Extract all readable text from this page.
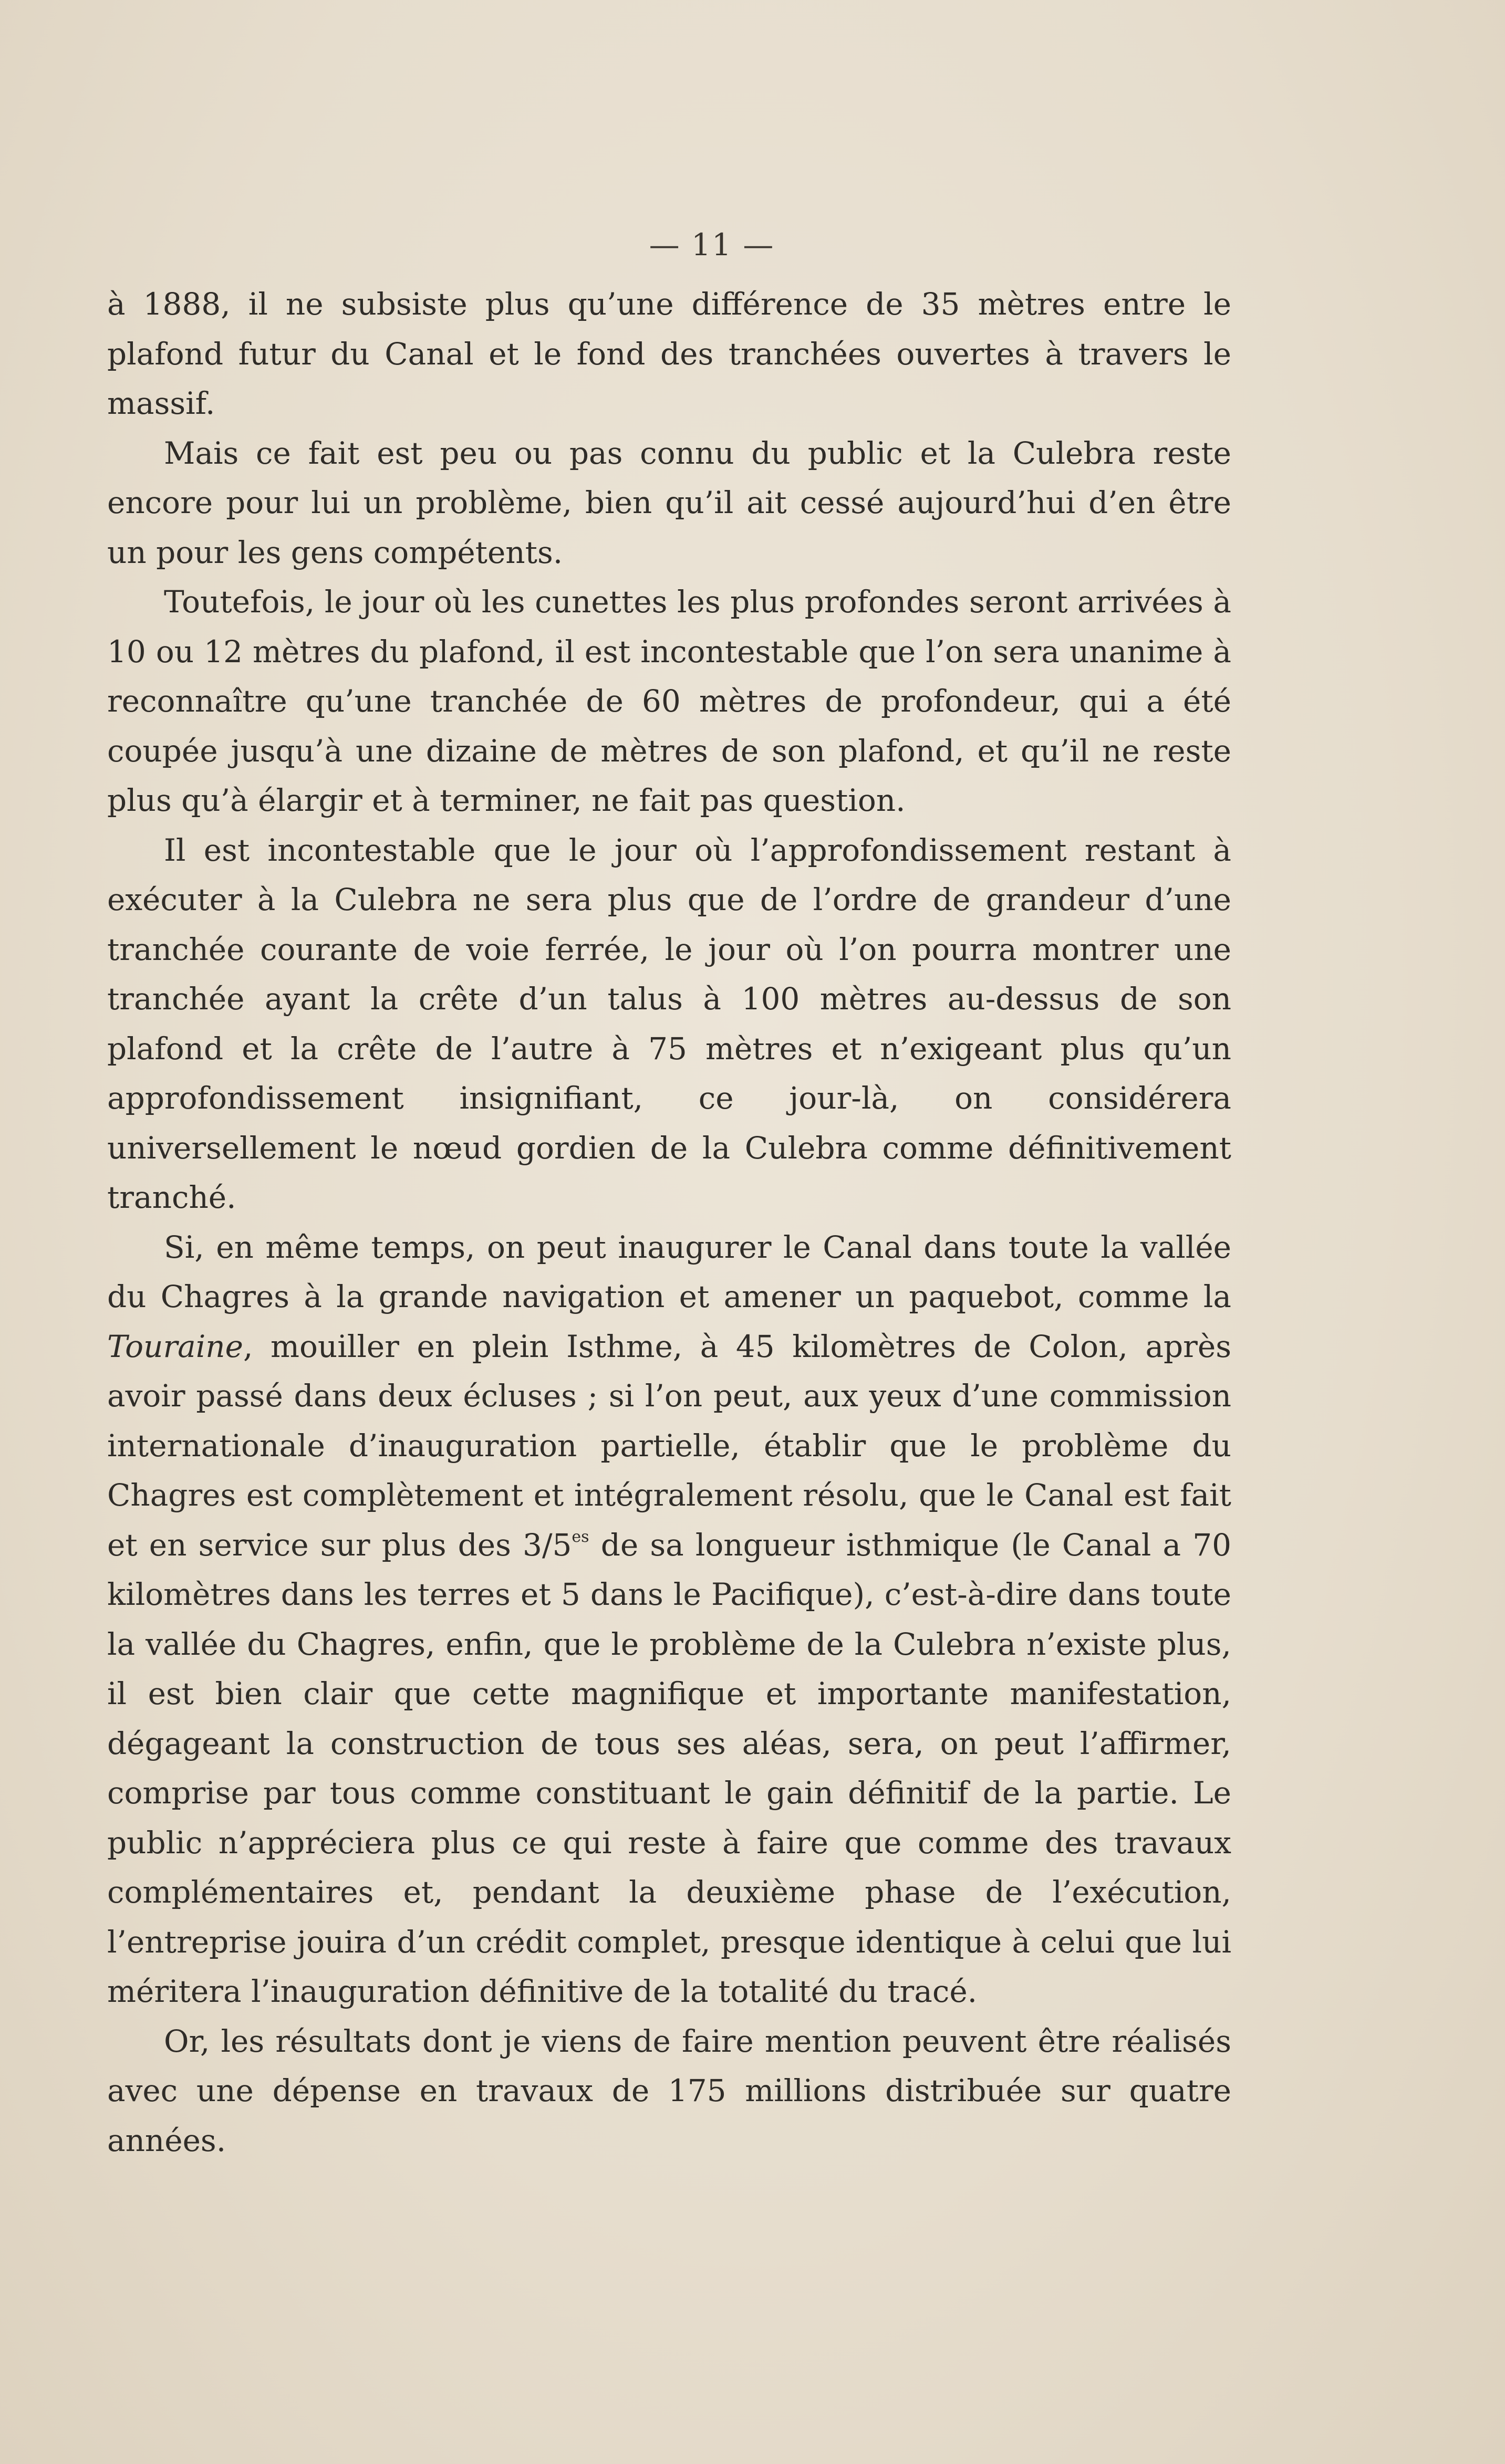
— 11 —

à 1888, il ne subsiste plus qu’une différence de 35 mètres entre le plafond futur du Canal et le fond des tranchées ouvertes à travers le massif.

Mais ce fait est peu ou pas connu du public et la Culebra reste encore pour lui un problème, bien qu’il ait cessé aujourd’hui d’en être un pour les gens compétents.

Toutefois, le jour où les cunettes les plus profondes seront arrivées à 10 ou 12 mètres du plafond, il est incontestable que l’on sera unanime à reconnaître qu’une tranchée de 60 mètres de profondeur, qui a été coupée jusqu’à une dizaine de mètres de son plafond, et qu’il ne reste plus qu’à élargir et à terminer, ne fait pas question.

Il est incontestable que le jour où l’approfondissement restant à exécuter à la Culebra ne sera plus que de l’ordre de grandeur d’une tranchée courante de voie ferrée, le jour où l’on pourra montrer une tranchée ayant la crête d’un talus à 100 mètres au-dessus de son plafond et la crête de l’autre à 75 mètres et n’exigeant plus qu’un approfondissement insignifiant, ce jour-là, on considérera universellement le nœud gordien de la Culebra comme définitivement tranché.

Si, en même temps, on peut inaugurer le Canal dans toute la vallée du Chagres à la grande navigation et amener un paquebot, comme la Touraine, mouiller en plein Isthme, à 45 kilomètres de Colon, après avoir passé dans deux écluses ; si l’on peut, aux yeux d’une commission internationale d’inauguration partielle, établir que le problème du Chagres est complètement et intégralement résolu, que le Canal est fait et en service sur plus des $3/5^{es}$ de sa longueur isthmique (le Canal a 70 kilomètres dans les terres et 5 dans le Pacifique), c’est-à-dire dans toute la vallée du Chagres, enfin, que le problème de la Culebra n’existe plus, il est bien clair que cette magnifique et importante manifestation, dégageant la construction de tous ses aléas, sera, on peut l’affirmer, comprise par tous comme constituant le gain définitif de la partie. Le public n’appréciera plus ce qui reste à faire que comme des travaux complémentaires et, pendant la deuxième phase de l’exécution, l’entreprise jouira d’un crédit complet, presque identique à celui que lui méritera l’inauguration définitive de la totalité du tracé.

Or, les résultats dont je viens de faire mention peuvent être réalisés avec une dépense en travaux de 175 millions distribuée sur quatre années.
